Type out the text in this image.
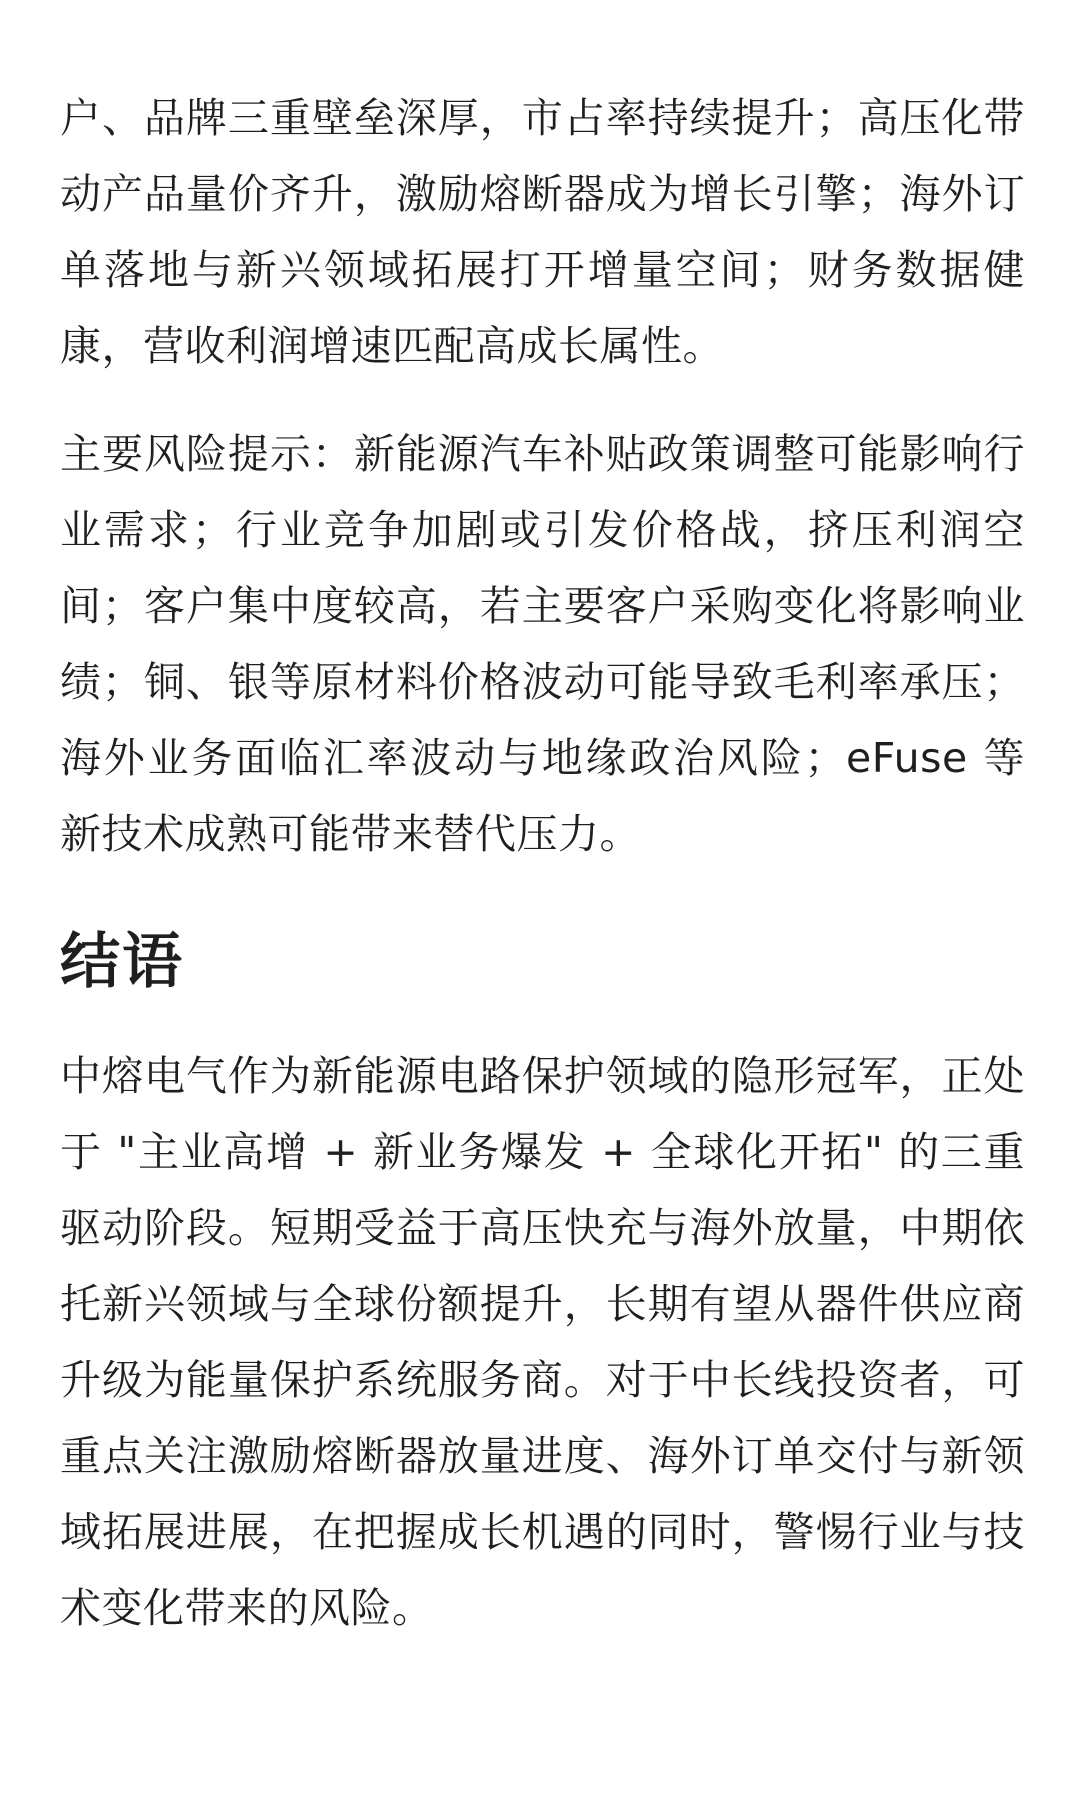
户、品牌三重壁垒深厚，市占率持续提升；高压化带动产品量价齐升，激励熔断器成为增长引擎；海外订单落地与新兴领域拓展打开增量空间；财务数据健康，营收利润增速匹配高成长属性。

主要风险提示：新能源汽车补贴政策调整可能影响行业需求；行业竞争加剧或引发价格战，挤压利润空间；客户集中度较高，若主要客户采购变化将影响业绩；铜、银等原材料价格波动可能导致毛利率承压；海外业务面临汇率波动与地缘政治风险；eFuse 等新技术成熟可能带来替代压力。

结语

中熔电气作为新能源电路保护领域的隐形冠军，正处于 "主业高增 + 新业务爆发 + 全球化开拓" 的三重驱动阶段。短期受益于高压快充与海外放量，中期依托新兴领域与全球份额提升，长期有望从器件供应商升级为能量保护系统服务商。对于中长线投资者，可重点关注激励熔断器放量进度、海外订单交付与新领域拓展进展，在把握成长机遇的同时，警惕行业与技术变化带来的风险。
